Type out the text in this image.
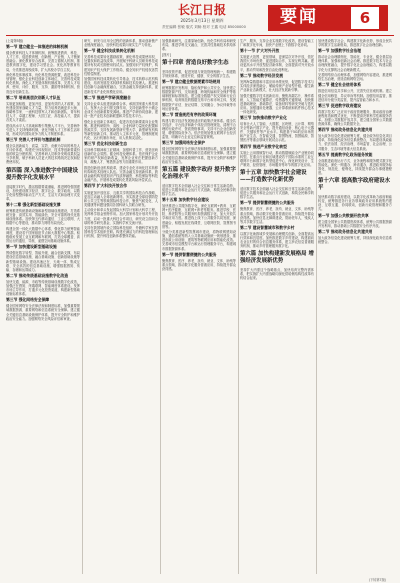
长江日报
2025年3月13日 星期四
责任编辑 张敏 版式 刘畅 校对 王鑫 电话 85000000	要闻	6

(上接第5版)

第一节 建立健全一体推进的体制机制

健全教育科技人才体制机制，统筹推进教育、科技、人才工作，促进教育链、创新链、产业链、人才链深度融合。深化教育综合改革，完善立德树人机制，推进教育数字化，建设学习型社会。优化高等教育布局，分类推进高校改革，扩大高校办学自主权。

深化科技体制改革，优化科技资源配置，改进科技计划管理，强化企业科技创新主体地位，完善科技成果转化机制。深化人才发展体制机制改革，完善人才培养、使用、评价、服务、支持、激励等体制机制，营造良好创新生态。

第二节 培育高层次创新人才队伍

实施更加积极、更加开放、更加有效的人才政策，加快建设国家战略人才力量，努力培养造就更多大师、战略科学家、一流科技领军人才和创新团队、青年科技人才、卓越工程师、大国工匠、高技能人才，提高各类人才素质。

建设高水平人才高地和吸引集聚人才平台，完善海外引进人才支持保障机制，优化外籍人才工作和生活环境，形成具有国际竞争力的人才制度体系。

第三节 完善人才评价与激励机制

健全以创新能力、质量、实效、贡献为导向的科技人才评价体系，构建充分体现知识、技术等创新要素价值的收益分配机制，完善科研人员职务发明成果权益分享机制，赋予科研人员更大的技术路线决定权和经费使用权。

第四篇 深入推进数字中国建设 提升数字化发展水平

迎接数字时代，激活数据要素潜能，推进网络强国建设，加快建设数字经济、数字社会、数字政府，以数字化转型整体驱动生产方式、生活方式和治理方式变革。

第十二章 强化新型基础设施支撑

统筹推进传统基础设施和新型基础设施建设，打造系统完备、高效实用、智能绿色、安全可靠的现代化基础设施体系。加快第五代移动通信、工业互联网、大数据中心等建设，推动算力网络布局优化。

构建全国一体化大数据中心体系，强化算力统筹智能调度，建设若干国家枢纽节点和大数据中心集群。积极稳妥发展工业互联网和车联网，打造全球覆盖、高效运行的通信、导航、遥感空间基础设施体系。

第一节 加快建设新型基础设施

围绕强化数字转型、智能升级、融合创新支撑，布局建设信息基础设施、融合基础设施、创新基础设施等新型基础设施。建设高速泛在、天地一体、集成互联、安全高效的信息基础设施，增强数据感知、传输、存储和运算能力。

第二节 推动传统基础设施数字化改造

加快交通、能源、市政等传统基础设施数字化改造，加强泛在感知、终端联网、智能调度体系建设。发挥市场主导作用，打通多元化投资渠道，构建新型基础设施标准体系。

第三节 强化网络安全保障

健全国家网络安全法律法规和制度标准，加强重要领域数据资源、重要网络和信息系统安全保障。建立健全关键信息基础设施保护体系，提升安全防护和维护政治安全能力。加强网络安全风险评估和审查。

研究、研发与应用全过程的创新体系，推动创新链产业链深度融合，加快科技成果向现实生产力转化。

第一节 健全科技成果转化机制

完善科技成果转化激励政策，深化科技成果使用权、处置权和收益权改革，开展赋予科研人员职务科技成果所有权或长期使用权试点。加强知识产权保护，构建知识产权大保护工作格局，健全知识产权侵权惩罚性赔偿制度。

加强国家科技成果转化引导基金、技术转移示范机构建设，培育发展技术转移机构和技术经理人。推进科技创新与金融深度融合，完善金融支持创新体系，促进新技术产业化规模化应用。

第二节 推进产学研深度融合

支持企业牵头组建创新联合体，承担国家重大科技项目。发挥大企业引领支撑作用，支持创新型中小微企业成长为创新重要发源地。推进产学研协同创新，建设一批产业技术创新联盟和共性技术平台。

强化企业创新主体地位，促进各类创新要素向企业集聚。推进科研院所、高校、企业科研力量优化配置和资源共享，支持发展新型研究型大学、新型研发机构等新型创新主体，推动投入主体多元化、管理制度现代化、运行机制市场化、用人机制灵活化。

第三节 优化科技创新生态

弘扬科学精神和工匠精神，加强科普工作，营造崇尚创新的社会氛围。健全科技伦理体系。依法保护企业家的财产权和创新收益，发挥企业家在把握创新方向、凝聚人才、筹措资金等方面重要作用。

推进创新创业机构改革，建设专业化市场化技术转移机构和技术经理人队伍。完善金融支持创新体系，鼓励金融机构发展知识产权质押融资、科技保险等科技金融产品，开展科技成果转化贷款风险补偿试点。

第四节 扩大科技开放合作

实施更加开放包容、互惠共享的国际科技合作战略，更加主动融入全球创新网络。务实推进全球疫情防控和公共卫生等领域国际科技合作，聚焦气候变化、人类健康等问题加强同各国科研人员联合研发。

主动设计和牵头发起国际大科学计划和大科学工程，发挥科学基金独特作用。加大国家科技计划对外开放力度，启动一批重大科技合作项目，研究设立面向全球的科学研究基金，实施科学家交流计划。

支持在我国境内设立国际科技组织、外籍科学家在我国科技学术组织任职。构建充满活力的科技管理和运行机制，提升科技创新体系整体效能。

加强基础研究，注重原始创新，优化学科布局和研发布局，推进学科交叉融合，完善共性基础技术供给体系。

[图片]

第十四章 营造良好数字生态

坚持放管并重，促进发展与规范管理相统一，构建数字规则体系，营造开放、健康、安全的数字生态。

第一节 建立健全数据要素市场规则

统筹数据开发利用、隐私保护和公共安全，加快建立数据资源产权、交易流通、跨境传输和安全保护等基础制度和标准规范。建立健全数据产权交易和行业自律机制，培育规范的数据交易平台和市场主体，发展数据资产评估、登记结算、交易撮合、争议仲裁等市场运营体系。

第二节 营造规范有序的政策环境

构建与数字经济发展相适应的政策法规体系。健全共享经济、平台经济和新个体经济管理规范，清理不合理的行政许可、资质资格事项，支持平台企业创新发展、增强国际竞争力。依法依规加强互联网平台经济监管，明确平台企业定位和监管规则。

第三节 加强网络安全保护

健全国家网络安全法律法规和制度标准，加强重要领域数据资源、重要网络和信息系统安全保障。建立健全关键信息基础设施保护体系，提升安全防护和维护政治安全能力。

第五篇 建设数字政府 提升数字化治理水平

适应数字技术全面融入社会交往和日常生活新趋势，促进公共服务和社会运行方式创新，构筑全民畅享的数字生活。

第十五章 加快数字社会建设

加快推进公共服务数字化，深化互联网+教育、互联网+医疗健康、互联网+养老等服务。推进学校、医院、养老院等公共服务机构资源数字化，加大开放共享和应用力度。推进线上线下公共服务共同发展、深度融合，积极发展在线课堂、互联网医院、智慧图书馆等。

分级分类推进新型智慧城市建设，将物联网感知设施、通信系统等纳入公共基础设施统一规划建设，推进市政公用设施、建筑等物联网应用和智能化改造。完善城市信息模型平台和运行管理服务平台，构建城市数据资源体系。

第一节 提供智慧便捷的公共服务

聚焦教育、医疗、养老、抚幼、就业、文体、助残等重点领域，推动数字化服务普惠应用，持续提升群众获得感。

生产、服务，支持企业实施数字化改造，建设智能工厂和数字化车间，加快产业链上下游数字化协同。

第十一节 扩大对外开放

实施更大范围、更宽领域、更深层次对外开放，依托我国大市场优势，促进国际合作，实现互利共赢。建设更高水平开放型经济新体制，全面提高对外开放水平，推动贸易和投资自由化便利化。

第二节 推动数字经济发展

发挥海量数据和丰富应用场景优势，促进数字技术与实体经济深度融合，赋能传统产业转型升级，催生新产业新业态新模式，壮大经济发展新引擎。

加强关键数字技术创新应用，聚焦高端芯片、操作系统、人工智能关键算法、传感器等关键领域，加快推进基础理论、基础算法、装备材料等研发突破与迭代应用。加强通用处理器、云计算系统和软件核心技术一体化研发。

第三节 加快推动数字产业化

培育壮大人工智能、大数据、区块链、云计算、网络安全等新兴数字产业，提升通信设备、核心电子元器件、关键软件等产业水平。构建基于5G的应用场景和产业生态，在智能交通、智慧物流、智慧能源、智慧医疗等重点领域开展试点示范。

第四节 推进产业数字化转型

实施上云用数赋智行动，推动数据赋能全产业链协同转型。在重点行业和区域建设若干国际水准的工业互联网平台和数字化转型促进中心，深化研发设计、生产制造、经营管理、市场服务等环节的数字化应用。

第十五章 加快数字社会建设——打造数字化新优势

适应数字技术全面融入社会交往和日常生活新趋势，促进公共服务和社会运行方式创新，构筑全民畅享的数字生活。

第一节 提供智慧便捷的公共服务

聚焦教育、医疗、养老、抚幼、就业、文体、助残等重点领域，推动数字化服务普惠应用，持续提升群众获得感。加快信息无障碍建设，帮助老年人、残疾人等共享数字生活。

第二节 建设智慧城市和数字乡村

以数字化助推城乡发展和治理模式创新，全面提高运行效率和宜居度。加快推进数字乡村建设，构建面向农业农村的综合信息服务体系，建立涉农信息普惠服务机制，推动乡村管理服务数字化。

第六篇 加快构建新发展格局 增强经济发展新优势

坚持扩大内需这个战略基点，加快培育完整内需体系，把实施扩大内需战略同深化供给侧结构性改革有机结合起来。

加快建设数字社会，构建数字化新优势，形成全民共享的数字生活新格局，推进数字社会治理创新。

第一节 加强数字社会治理

推动社会治理精细化、智能化、专业化，健全基层治理体系，加强和创新社会治理。推进数字技术与社会治理深度融合，提升数字化社会治理能力，构建以数字化为支撑的社会治理新模式。

完善网络综合治理体系，加强网络内容建设，推进网络生态治理，营造清朗网络空间。

第二节 健全社会信用体系

推进信用信息共享和公开，完善失信惩戒机制。建立健全信用修复、异议申诉等机制。加强信用监管，推进信用分级分类监管，提升监管能力和水平。

第三节 促进数字政府建设

将数字技术广泛应用于政府管理服务，推动政府治理流程再造和模式优化，不断提高决策科学性和服务效率。加强公共数据开放共享，建立健全国家公共数据资源体系，确保公共数据安全。

第四节 推动政务信息化共建共用

加大政务信息化建设统筹力度，健全政务信息化项目清单，持续深化政务信息系统整合，布局建设执政能力、依法治国、经济治理、市场监管、社会治理、公共服务、生态环境等重大信息系统。

第五节 提高数字化政务服务效能

全面推进政府运行方式、业务流程和服务模式数字化智能化。深化一网通办、跨省通办，推进政务服务标准化、规范化、便利化，持续提升群众办事便捷程度。

第十六章 提高数字政府建设水平

加快推动数字政府建设，以数字化改革助力政府职能转变，统筹推进各行业各领域政务应用系统集约建设、互联互通、协同联动，创新行政管理和服务方式。

第一节 加强公共数据开放共享

建立健全国家公共数据资源体系，统筹公共数据资源开发利用，推动基础公共数据安全有序开放。

第二节 推动政务信息化共建共用

加大政务信息化建设统筹力度，持续深化政务信息系统整合。

(下转第7版)
